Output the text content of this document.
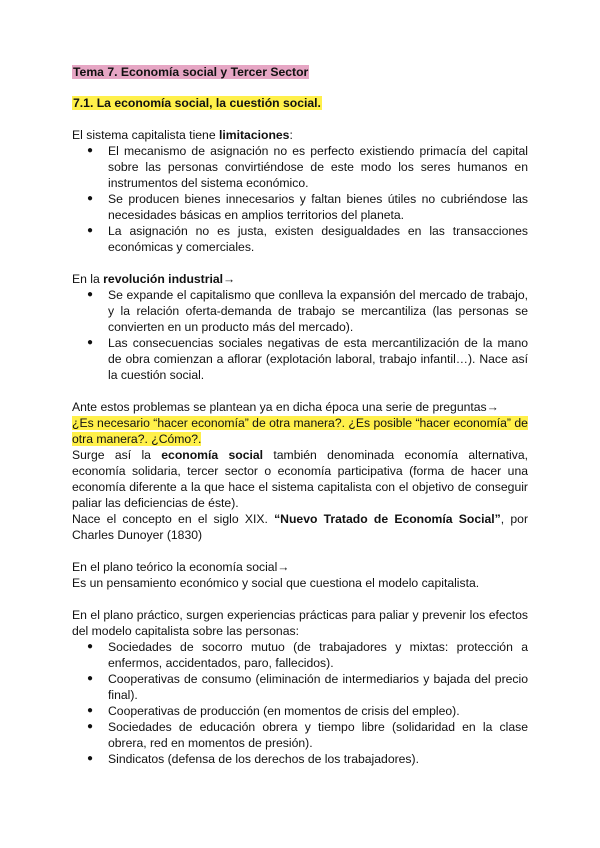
Tema 7. Economía social y Tercer Sector
7.1. La economía social, la cuestión social.
El sistema capitalista tiene limitaciones:
● El mecanismo de asignación no es perfecto existiendo primacía del capital sobre las personas convirtiéndose de este modo los seres humanos en instrumentos del sistema económico.
● Se producen bienes innecesarios y faltan bienes útiles no cubriéndose las necesidades básicas en amplios territorios del planeta.
● La asignación no es justa, existen desigualdades en las transacciones económicas y comerciales.
En la revolución industrial→
● Se expande el capitalismo que conlleva la expansión del mercado de trabajo, y la relación oferta-demanda de trabajo se mercantiliza (las personas se convierten en un producto más del mercado).
● Las consecuencias sociales negativas de esta mercantilización de la mano de obra comienzan a aflorar (explotación laboral, trabajo infantil…). Nace así la cuestión social.
Ante estos problemas se plantean ya en dicha época una serie de preguntas→
¿Es necesario “hacer economía” de otra manera?. ¿Es posible “hacer economía” de
otra manera?. ¿Cómo?.
Surge así la economía social también denominada economía alternativa, economía solidaria, tercer sector o economía participativa (forma de hacer una economía diferente a la que hace el sistema capitalista con el objetivo de conseguir paliar las deficiencias de éste).
Nace el concepto en el siglo XIX. “Nuevo Tratado de Economía Social”, por Charles Dunoyer (1830)
En el plano teórico la economía social→
Es un pensamiento económico y social que cuestiona el modelo capitalista.
En el plano práctico, surgen experiencias prácticas para paliar y prevenir los efectos del modelo capitalista sobre las personas:
● Sociedades de socorro mutuo (de trabajadores y mixtas: protección a enfermos, accidentados, paro, fallecidos).
● Cooperativas de consumo (eliminación de intermediarios y bajada del precio final).
● Cooperativas de producción (en momentos de crisis del empleo).
● Sociedades de educación obrera y tiempo libre (solidaridad en la clase obrera, red en momentos de presión).
● Sindicatos (defensa de los derechos de los trabajadores).
